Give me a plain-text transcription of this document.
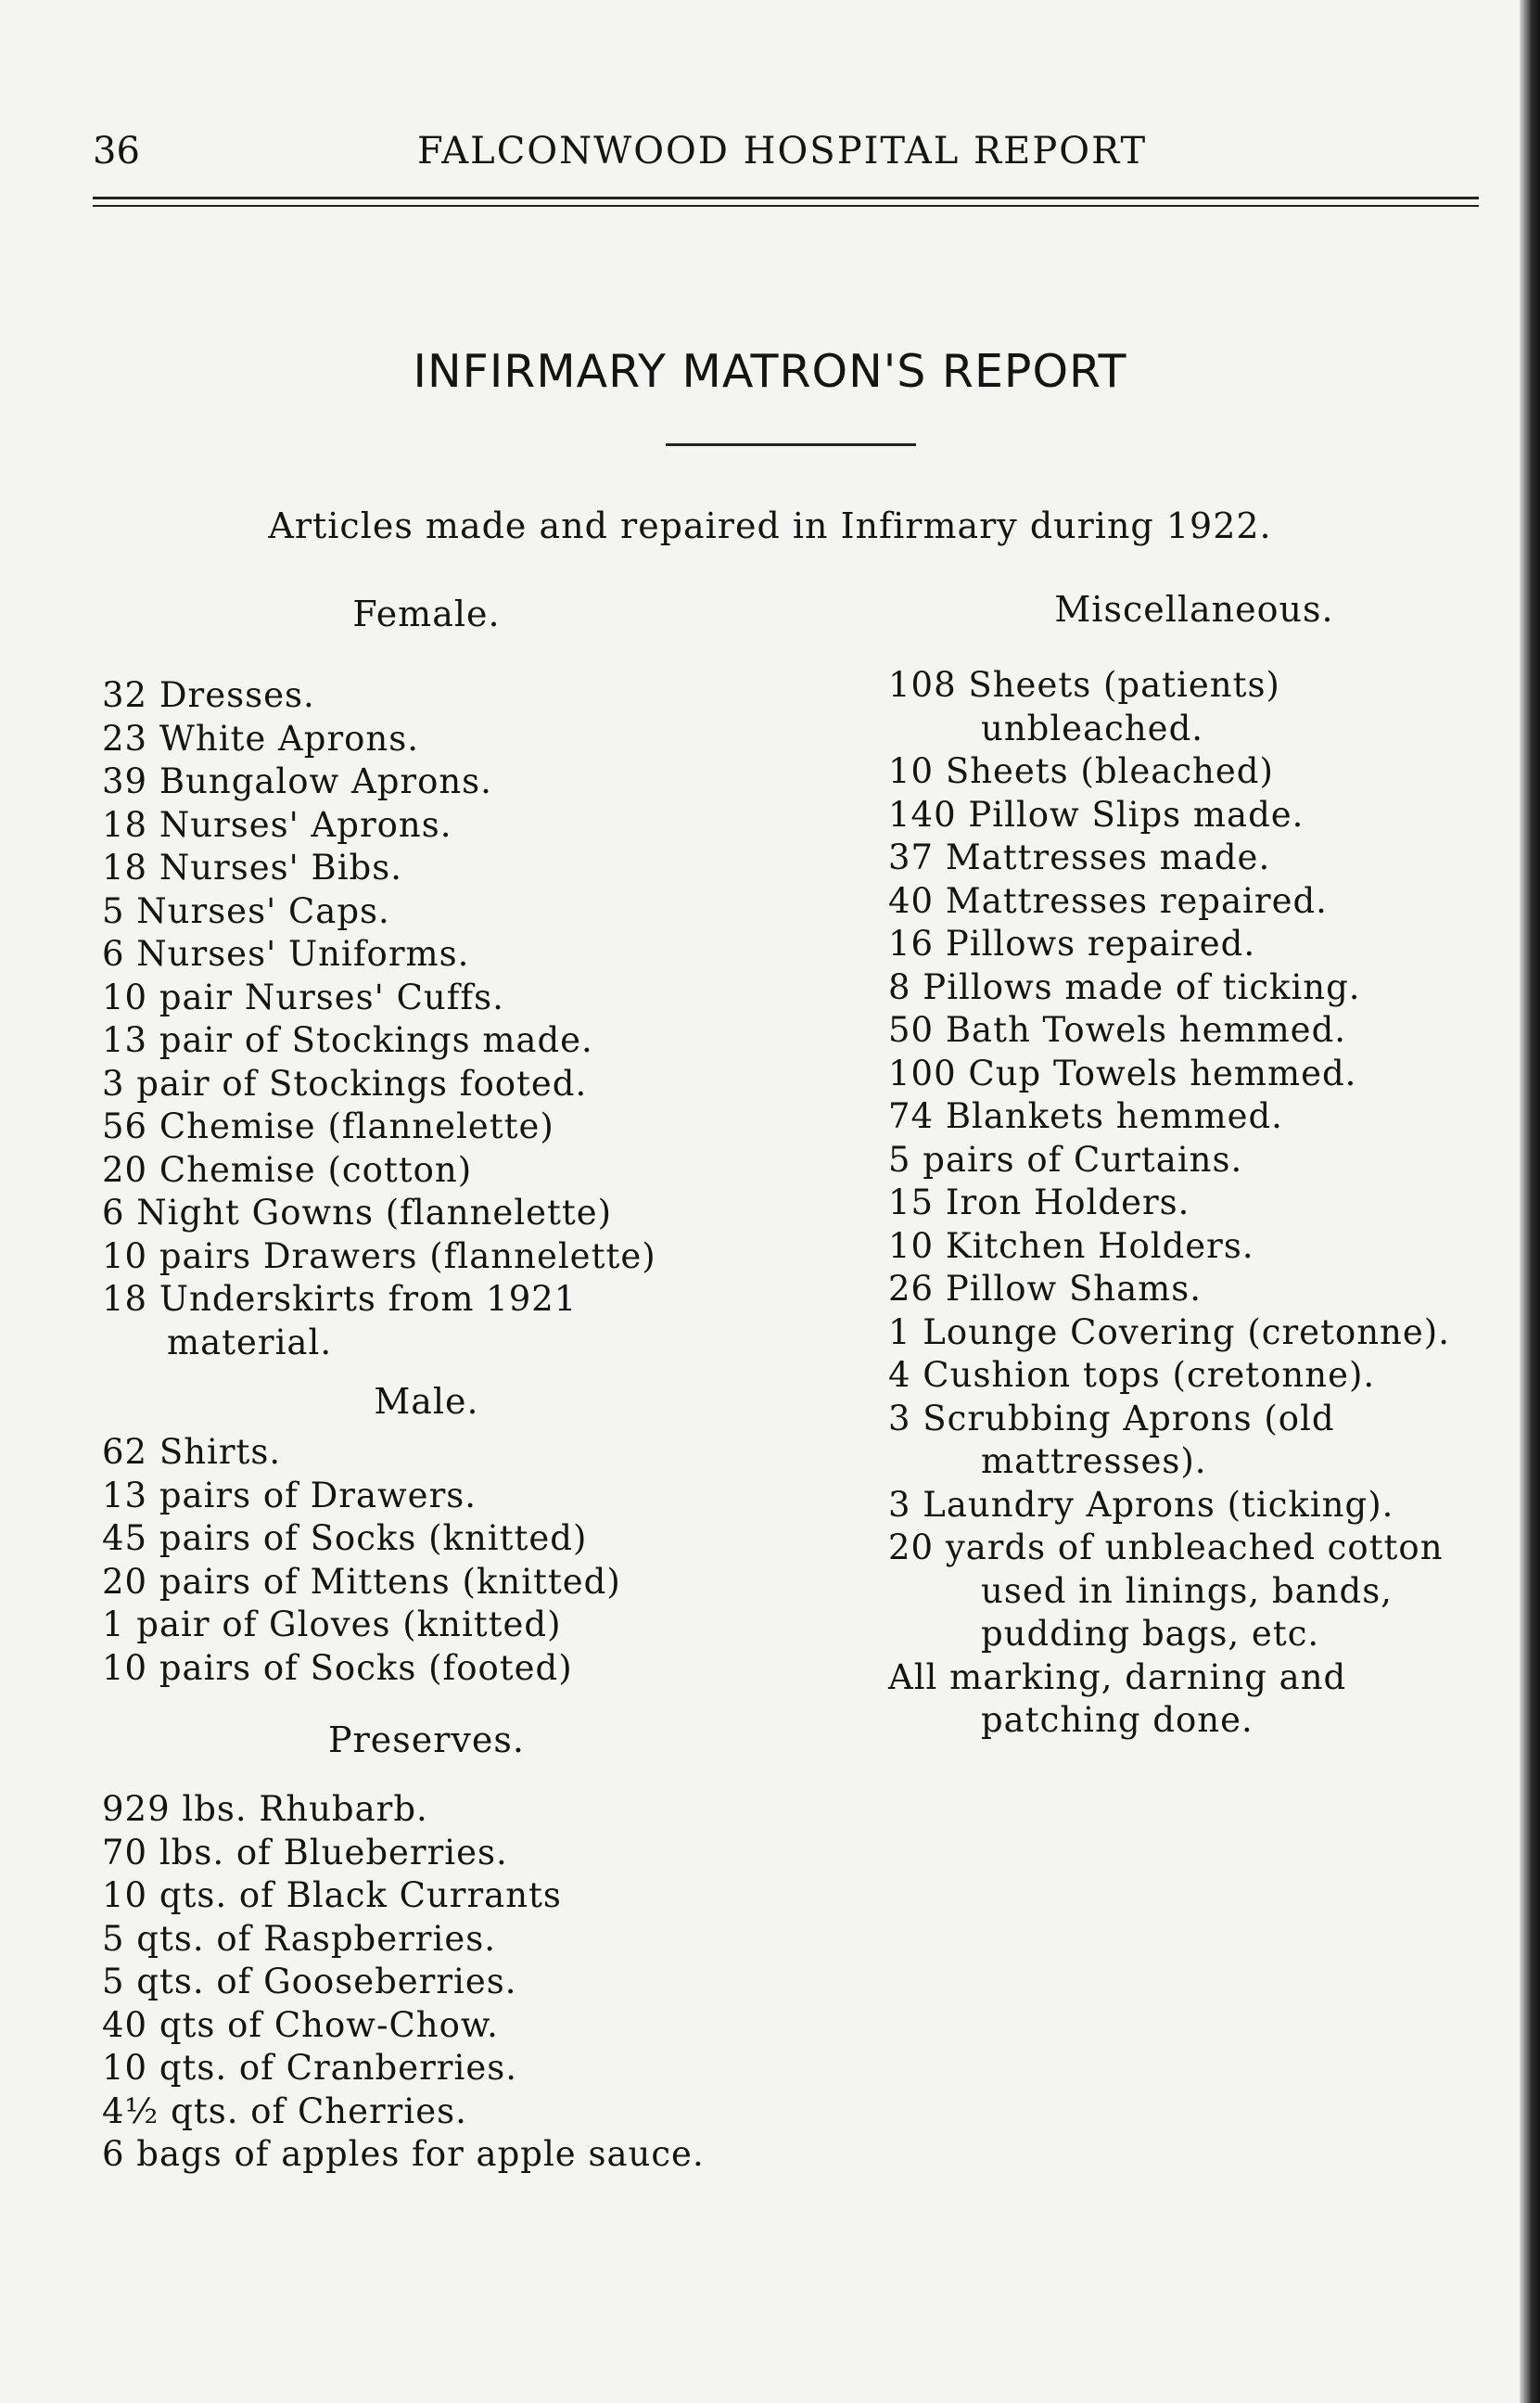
36	FALCONWOOD HOSPITAL REPORT
INFIRMARY MATRON'S REPORT
Articles made and repaired in Infirmary during 1922.
Female.
32 Dresses.
23 White Aprons.
39 Bungalow Aprons.
18 Nurses' Aprons.
18 Nurses' Bibs.
5 Nurses' Caps.
6 Nurses' Uniforms.
10 pair Nurses' Cuffs.
13 pair of Stockings made.
3 pair of Stockings footed.
56 Chemise (flannelette)
20 Chemise (cotton)
6 Night Gowns (flannelette)
10 pairs Drawers (flannelette)
18 Underskirts from 1921 material.
Male.
62 Shirts.
13 pairs of Drawers.
45 pairs of Socks (knitted)
20 pairs of Mittens (knitted)
1 pair of Gloves (knitted)
10 pairs of Socks (footed)
Preserves.
929 lbs. Rhubarb.
70 lbs. of Blueberries.
10 qts. of Black Currants
5 qts. of Raspberries.
5 qts. of Gooseberries.
40 qts of Chow-Chow.
10 qts. of Cranberries.
4½ qts. of Cherries.
6 bags of apples for apple sauce.
Miscellaneous.
108 Sheets (patients) unbleached.
10 Sheets (bleached)
140 Pillow Slips made.
37 Mattresses made.
40 Mattresses repaired.
16 Pillows repaired.
8 Pillows made of ticking.
50 Bath Towels hemmed.
100 Cup Towels hemmed.
74 Blankets hemmed.
5 pairs of Curtains.
15 Iron Holders.
10 Kitchen Holders.
26 Pillow Shams.
1 Lounge Covering (cretonne).
4 Cushion tops (cretonne).
3 Scrubbing Aprons (old mattresses).
3 Laundry Aprons (ticking).
20 yards of unbleached cotton used in linings, bands, pudding bags, etc.
All marking, darning and patching done.
